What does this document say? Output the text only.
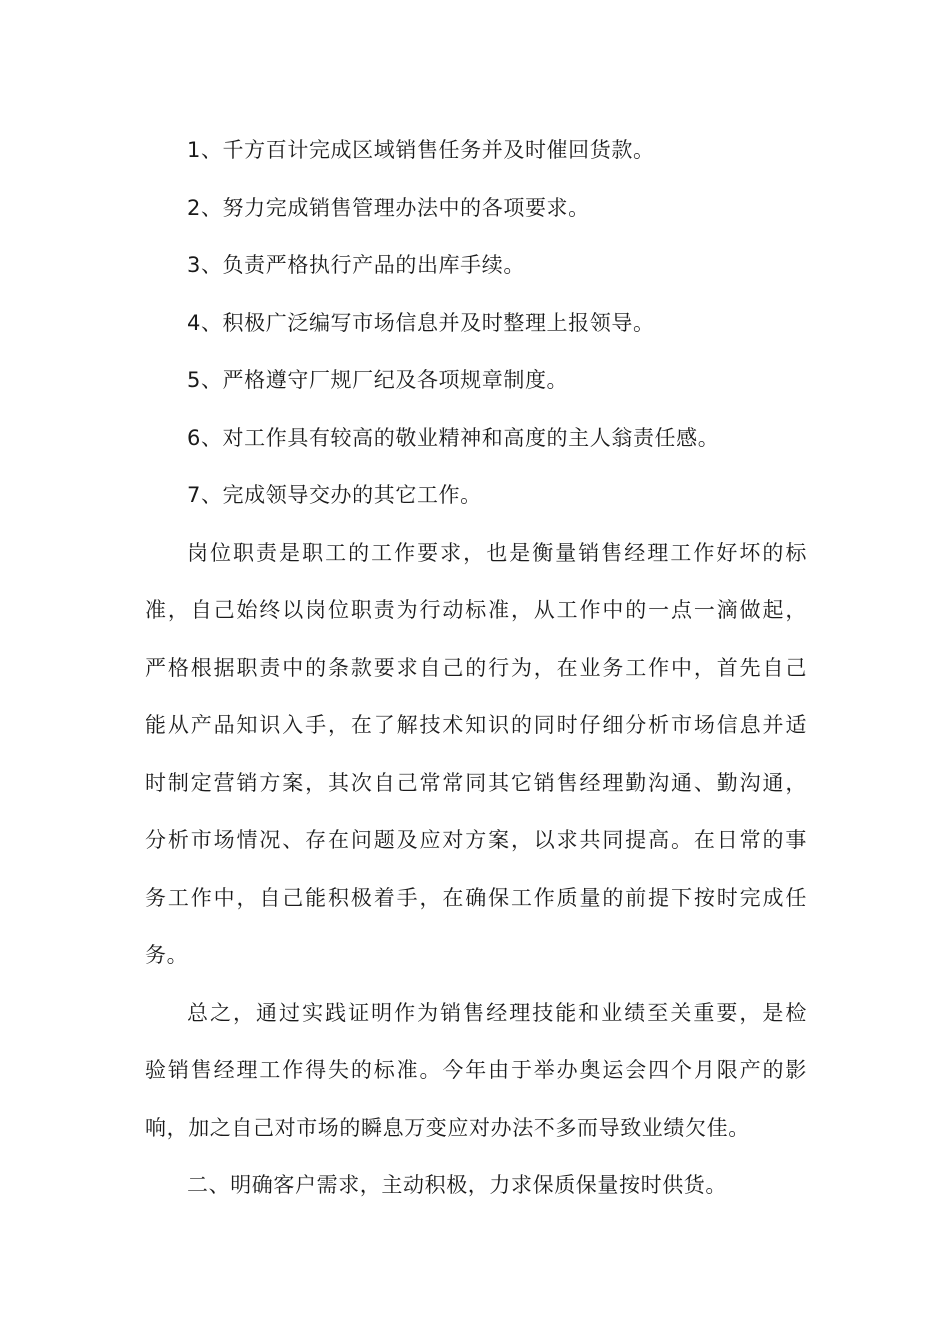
1、千方百计完成区域销售任务并及时催回货款。
2、努力完成销售管理办法中的各项要求。
3、负责严格执行产品的出库手续。
4、积极广泛编写市场信息并及时整理上报领导。
5、严格遵守厂规厂纪及各项规章制度。
6、对工作具有较高的敬业精神和高度的主人翁责任感。
7、完成领导交办的其它工作。
岗位职责是职工的工作要求，也是衡量销售经理工作好坏的标
准，自己始终以岗位职责为行动标准，从工作中的一点一滴做起，
严格根据职责中的条款要求自己的行为，在业务工作中，首先自己
能从产品知识入手，在了解技术知识的同时仔细分析市场信息并适
时制定营销方案，其次自己常常同其它销售经理勤沟通、勤沟通，
分析市场情况、存在问题及应对方案，以求共同提高。在日常的事
务工作中，自己能积极着手，在确保工作质量的前提下按时完成任
务。
总之，通过实践证明作为销售经理技能和业绩至关重要，是检
验销售经理工作得失的标准。今年由于举办奥运会四个月限产的影
响，加之自己对市场的瞬息万变应对办法不多而导致业绩欠佳。
二、明确客户需求，主动积极，力求保质保量按时供货。
